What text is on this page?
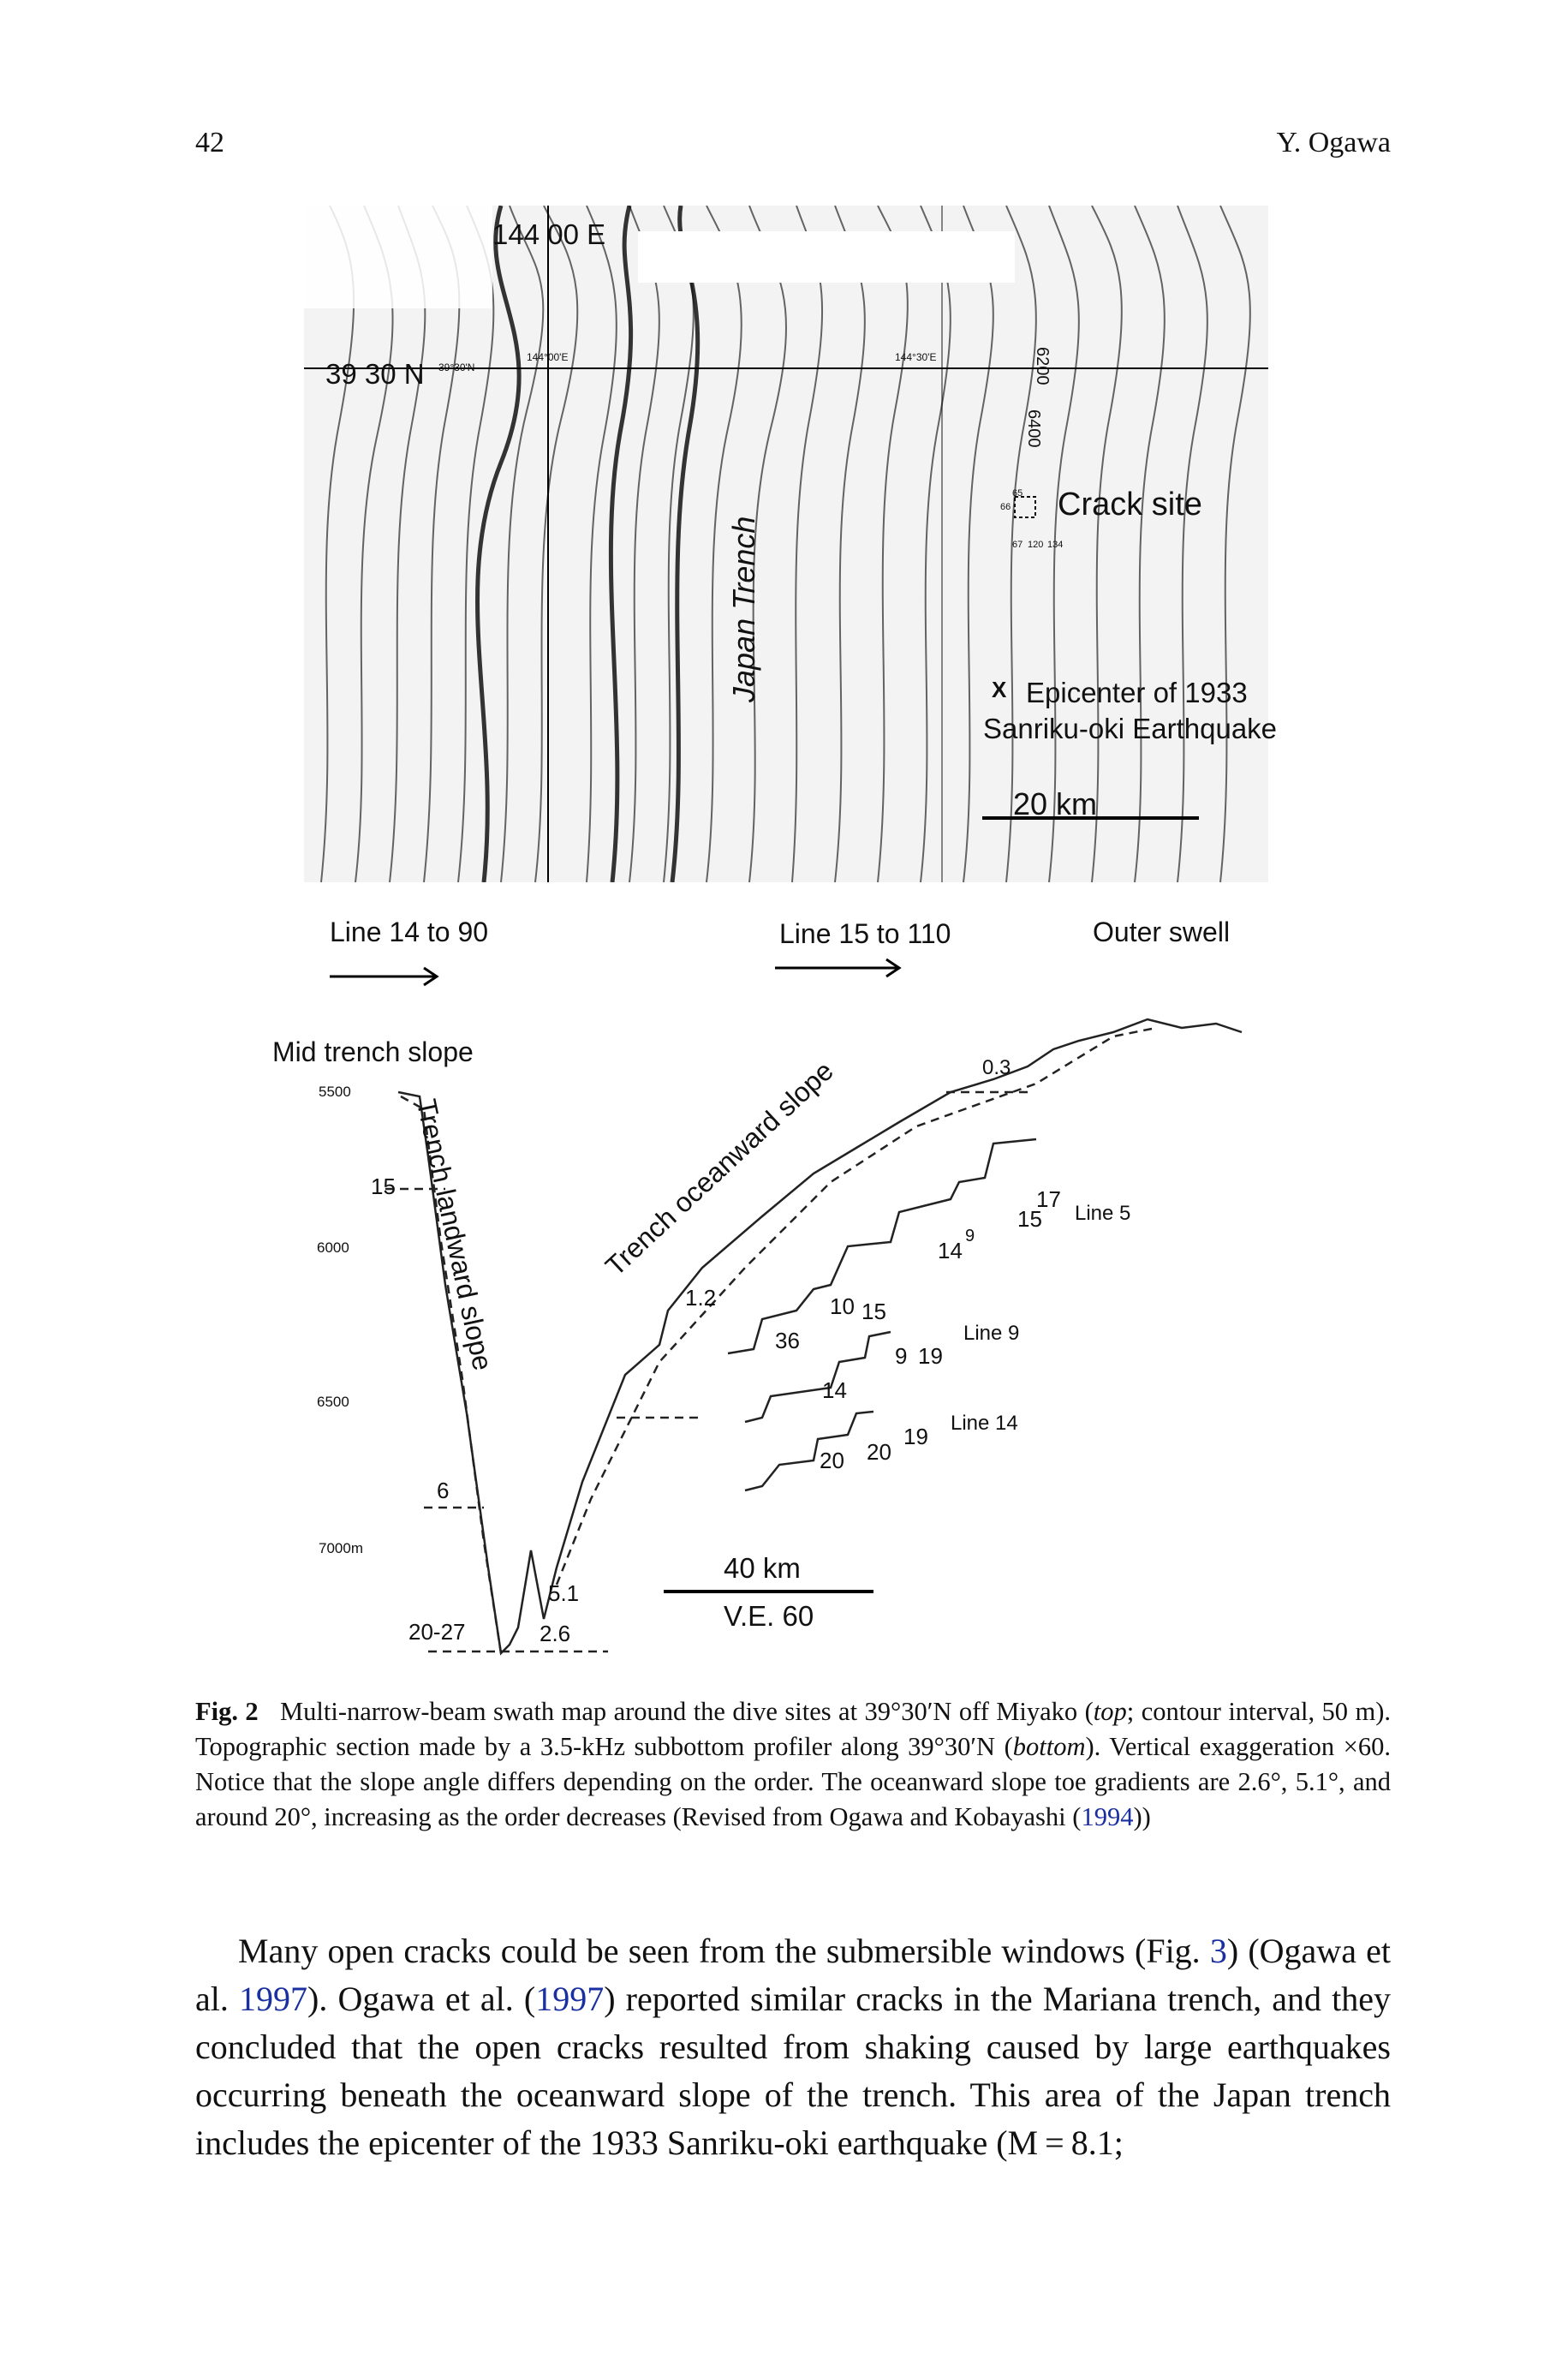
42	Y. Ogawa
144 00 E
39 30 N 39°30'N
144°00'E	144°30'E	6200
6400
Japan Trench
Crack site
65
66
67 120 134
X Epicenter of 1933
Sanriku-oki Earthquake
20 km
Line 14 to 90	Line 15 to 110	Outer swell
Mid trench slope
Trench landward slope	Trench oceanward slope
5500
6000
6500
7000m
15
6
20-27
5.1
2.6
1.2
0.3
Line 5
17
15
14
9
10 15
36	Line 9
9 19
14
Line 14
20 20
19
40 km
V.E. 60
Fig. 2 Multi-narrow-beam swath map around the dive sites at 39°30′N off Miyako (top; contour interval, 50 m). Topographic section made by a 3.5-kHz subbottom profiler along 39°30′N (bottom). Vertical exaggeration ×60. Notice that the slope angle differs depending on the order. The oceanward slope toe gradients are 2.6°, 5.1°, and around 20°, increasing as the order decreases (Revised from Ogawa and Kobayashi (1994))
Many open cracks could be seen from the submersible windows (Fig. 3) (Ogawa et al. 1997). Ogawa et al. (1997) reported similar cracks in the Mariana trench, and they concluded that the open cracks resulted from shaking caused by large earthquakes occurring beneath the oceanward slope of the trench. This area of the Japan trench includes the epicenter of the 1933 Sanriku-oki earthquake (M = 8.1;
